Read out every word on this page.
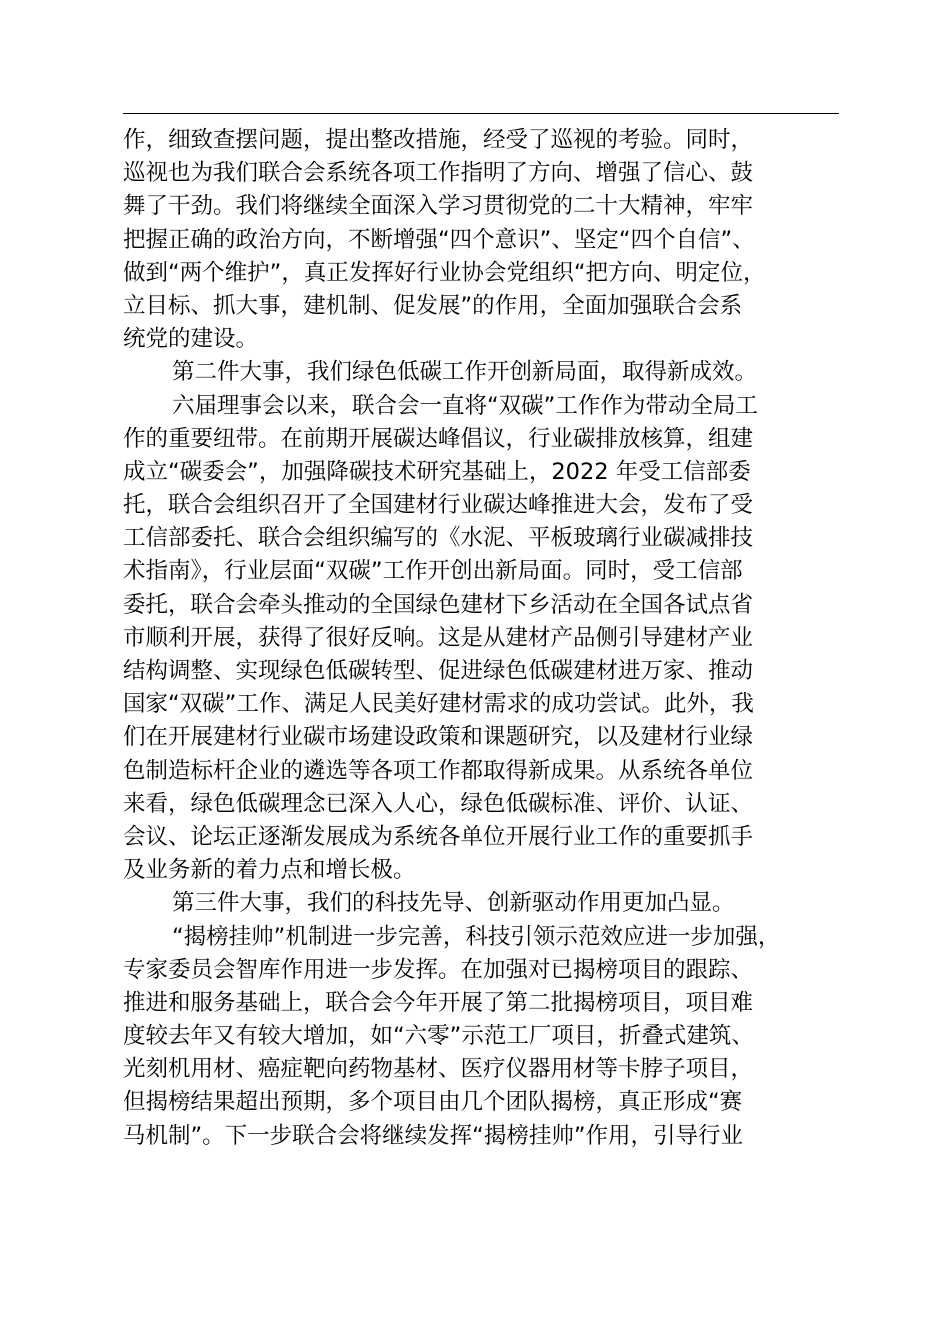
作，细致查摆问题，提出整改措施，经受了巡视的考验。同时，
巡视也为我们联合会系统各项工作指明了方向、增强了信心、鼓
舞了干劲。我们将继续全面深入学习贯彻党的二十大精神，牢牢
把握正确的政治方向，不断增强“四个意识”、坚定“四个自信”、
做到“两个维护”，真正发挥好行业协会党组织“把方向、明定位，
立目标、抓大事，建机制、促发展”的作用，全面加强联合会系
统党的建设。
第二件大事，我们绿色低碳工作开创新局面，取得新成效。
六届理事会以来，联合会一直将“双碳”工作作为带动全局工
作的重要纽带。在前期开展碳达峰倡议，行业碳排放核算，组建
成立“碳委会”，加强降碳技术研究基础上，2022 年受工信部委
托，联合会组织召开了全国建材行业碳达峰推进大会，发布了受
工信部委托、联合会组织编写的《水泥、平板玻璃行业碳减排技
术指南》，行业层面“双碳”工作开创出新局面。同时，受工信部
委托，联合会牵头推动的全国绿色建材下乡活动在全国各试点省
市顺利开展，获得了很好反响。这是从建材产品侧引导建材产业
结构调整、实现绿色低碳转型、促进绿色低碳建材进万家、推动
国家“双碳”工作、满足人民美好建材需求的成功尝试。此外，我
们在开展建材行业碳市场建设政策和课题研究，以及建材行业绿
色制造标杆企业的遴选等各项工作都取得新成果。从系统各单位
来看，绿色低碳理念已深入人心，绿色低碳标准、评价、认证、
会议、论坛正逐渐发展成为系统各单位开展行业工作的重要抓手
及业务新的着力点和增长极。
第三件大事，我们的科技先导、创新驱动作用更加凸显。
“揭榜挂帅”机制进一步完善，科技引领示范效应进一步加强，
专家委员会智库作用进一步发挥。在加强对已揭榜项目的跟踪、
推进和服务基础上，联合会今年开展了第二批揭榜项目，项目难
度较去年又有较大增加，如“六零”示范工厂项目，折叠式建筑、
光刻机用材、癌症靶向药物基材、医疗仪器用材等卡脖子项目，
但揭榜结果超出预期，多个项目由几个团队揭榜，真正形成“赛
马机制”。下一步联合会将继续发挥“揭榜挂帅”作用，引导行业
